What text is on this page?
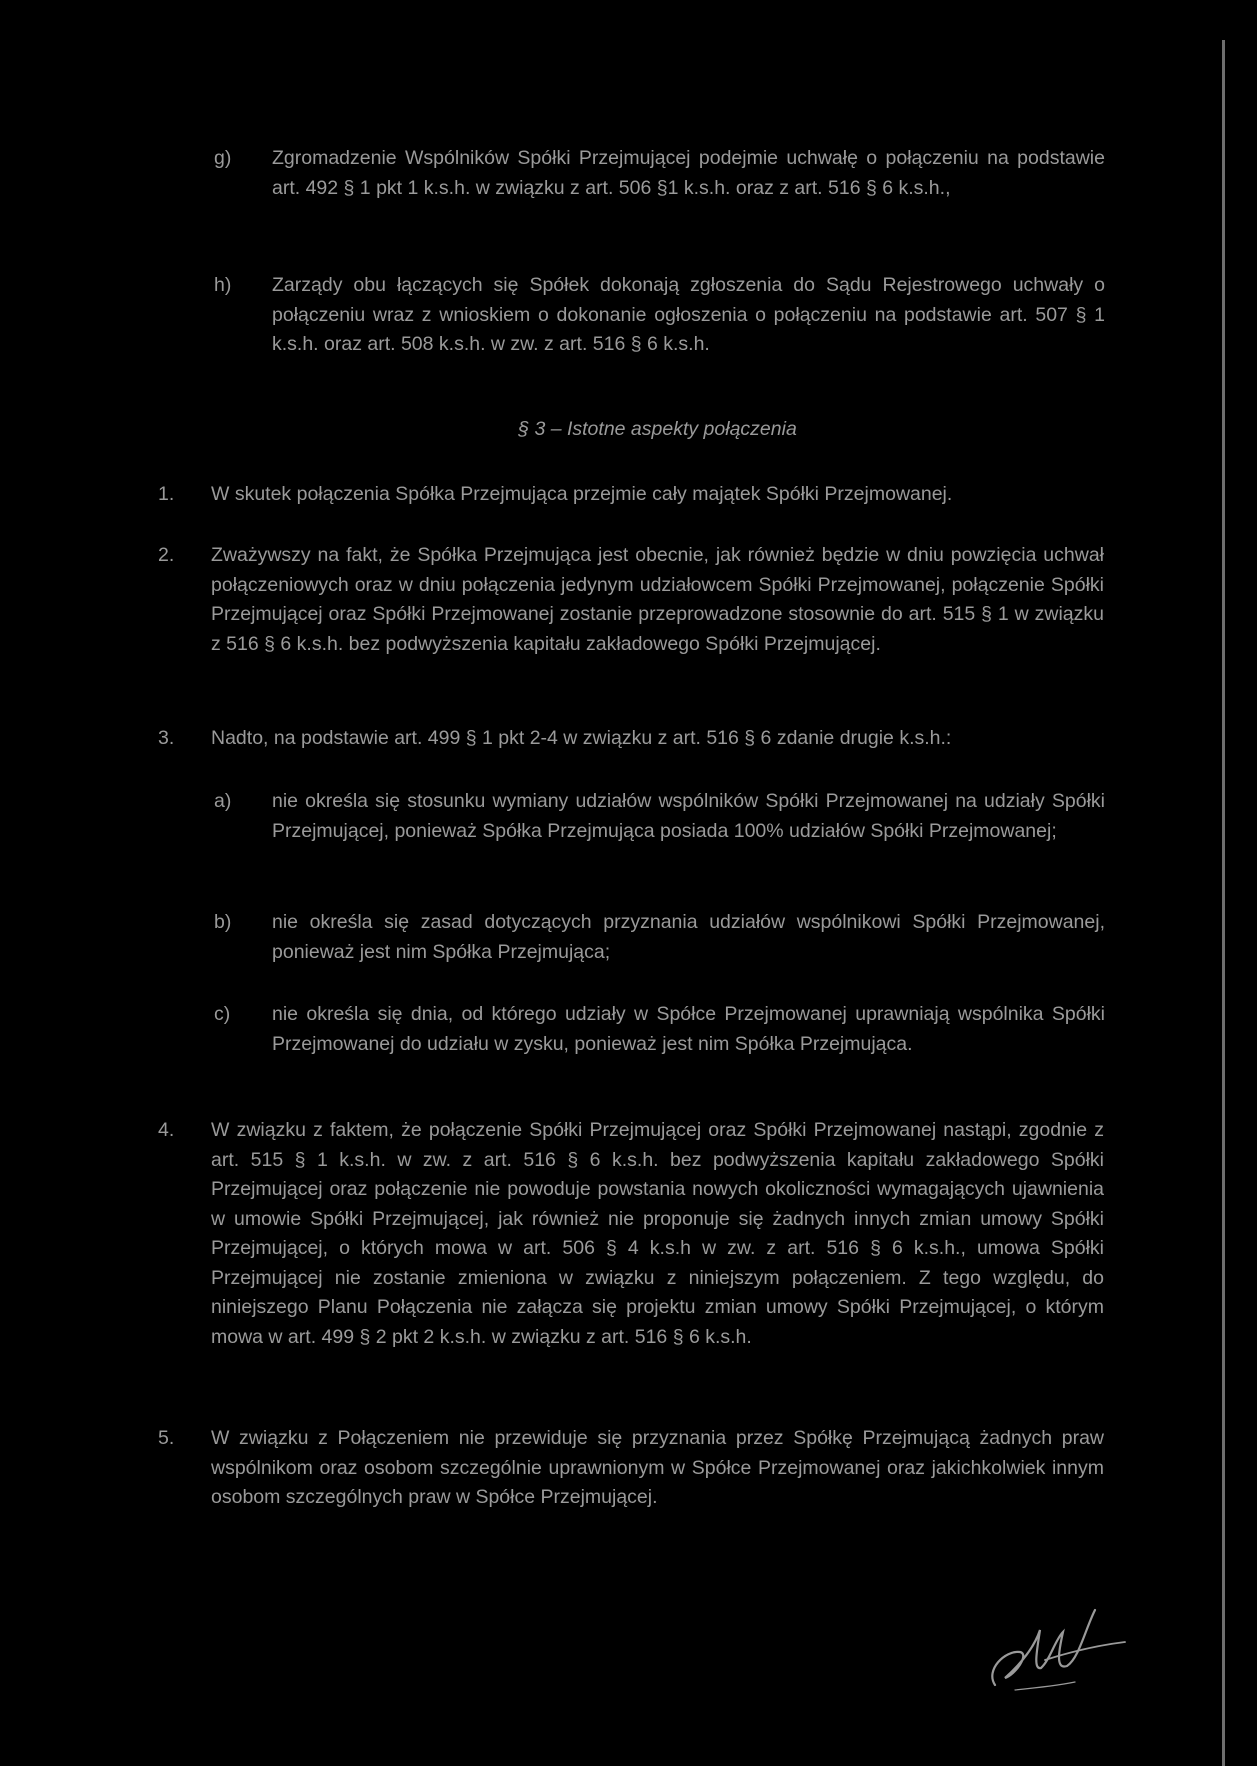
g) Zgromadzenie Wspólników Spółki Przejmującej podejmie uchwałę o połączeniu na podstawie art. 492 § 1 pkt 1 k.s.h. w związku z art. 506 §1 k.s.h. oraz z art. 516 § 6 k.s.h.,
h) Zarządy obu łączących się Spółek dokonają zgłoszenia do Sądu Rejestrowego uchwały o połączeniu wraz z wnioskiem o dokonanie ogłoszenia o połączeniu na podstawie art. 507 § 1 k.s.h. oraz art. 508 k.s.h. w zw. z art. 516 § 6 k.s.h.
§ 3 – Istotne aspekty połączenia
1. W skutek połączenia Spółka Przejmująca przejmie cały majątek Spółki Przejmowanej.
2. Zważywszy na fakt, że Spółka Przejmująca jest obecnie, jak również będzie w dniu powzięcia uchwał połączeniowych oraz w dniu połączenia jedynym udziałowcem Spółki Przejmowanej, połączenie Spółki Przejmującej oraz Spółki Przejmowanej zostanie przeprowadzone stosownie do art. 515 § 1 w związku z 516 § 6 k.s.h. bez podwyższenia kapitału zakładowego Spółki Przejmującej.
3. Nadto, na podstawie art. 499 § 1 pkt 2-4 w związku z art. 516 § 6 zdanie drugie k.s.h.:
a) nie określa się stosunku wymiany udziałów wspólników Spółki Przejmowanej na udziały Spółki Przejmującej, ponieważ Spółka Przejmująca posiada 100% udziałów Spółki Przejmowanej;
b) nie określa się zasad dotyczących przyznania udziałów wspólnikowi Spółki Przejmowanej, ponieważ jest nim Spółka Przejmująca;
c) nie określa się dnia, od którego udziały w Spółce Przejmowanej uprawniają wspólnika Spółki Przejmowanej do udziału w zysku, ponieważ jest nim Spółka Przejmująca.
4. W związku z faktem, że połączenie Spółki Przejmującej oraz Spółki Przejmowanej nastąpi, zgodnie z art. 515 § 1 k.s.h. w zw. z art. 516 § 6 k.s.h. bez podwyższenia kapitału zakładowego Spółki Przejmującej oraz połączenie nie powoduje powstania nowych okoliczności wymagających ujawnienia w umowie Spółki Przejmującej, jak również nie proponuje się żadnych innych zmian umowy Spółki Przejmującej, o których mowa w art. 506 § 4 k.s.h w zw. z art. 516 § 6 k.s.h., umowa Spółki Przejmującej nie zostanie zmieniona w związku z niniejszym połączeniem. Z tego względu, do niniejszego Planu Połączenia nie załącza się projektu zmian umowy Spółki Przejmującej, o którym mowa w art. 499 § 2 pkt 2 k.s.h. w związku z art. 516 § 6 k.s.h.
5. W związku z Połączeniem nie przewiduje się przyznania przez Spółkę Przejmującą żadnych praw wspólnikom oraz osobom szczególnie uprawnionym w Spółce Przejmowanej oraz jakichkolwiek innym osobom szczególnych praw w Spółce Przejmującej.
